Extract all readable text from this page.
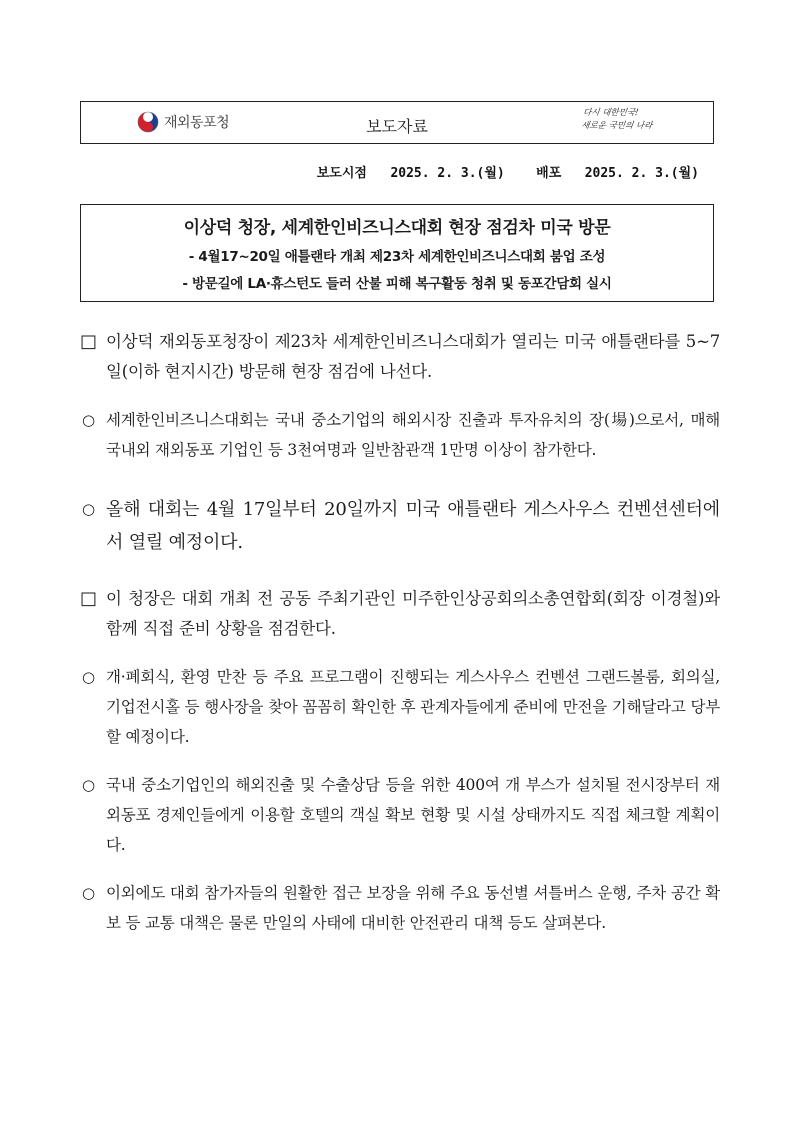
재외동포청	보도자료
다시 대한민국!
새로운 국민의 나라
보도시점 2025. 2. 3.(월) 배포 2025. 2. 3.(월)
이상덕 청장, 세계한인비즈니스대회 현장 점검차 미국 방문
- 4월17~20일 애틀랜타 개최 제23차 세계한인비즈니스대회 붐업 조성
- 방문길에 LA·휴스턴도 들러 산불 피해 복구활동 청취 및 동포간담회 실시
□ 이상덕 재외동포청장이 제23차 세계한인비즈니스대회가 열리는 미국 애틀랜타를 5~7일(이하 현지시간) 방문해 현장 점검에 나선다.
○ 세계한인비즈니스대회는 국내 중소기업의 해외시장 진출과 투자유치의 장(場)으로서, 매해 국내외 재외동포 기업인 등 3천여명과 일반참관객 1만명 이상이 참가한다.
○ 올해 대회는 4월 17일부터 20일까지 미국 애틀랜타 게스사우스 컨벤션센터에서 열릴 예정이다.
□ 이 청장은 대회 개최 전 공동 주최기관인 미주한인상공회의소총연합회(회장 이경철)와 함께 직접 준비 상황을 점검한다.
○ 개·폐회식, 환영 만찬 등 주요 프로그램이 진행되는 게스사우스 컨벤션 그랜드볼룸, 회의실, 기업전시홀 등 행사장을 찾아 꼼꼼히 확인한 후 관계자들에게 준비에 만전을 기해달라고 당부할 예정이다.
○ 국내 중소기업인의 해외진출 및 수출상담 등을 위한 400여 개 부스가 설치될 전시장부터 재외동포 경제인들에게 이용할 호텔의 객실 확보 현황 및 시설 상태까지도 직접 체크할 계획이다.
○ 이외에도 대회 참가자들의 원활한 접근 보장을 위해 주요 동선별 셔틀버스 운행, 주차 공간 확보 등 교통 대책은 물론 만일의 사태에 대비한 안전관리 대책 등도 살펴본다.
